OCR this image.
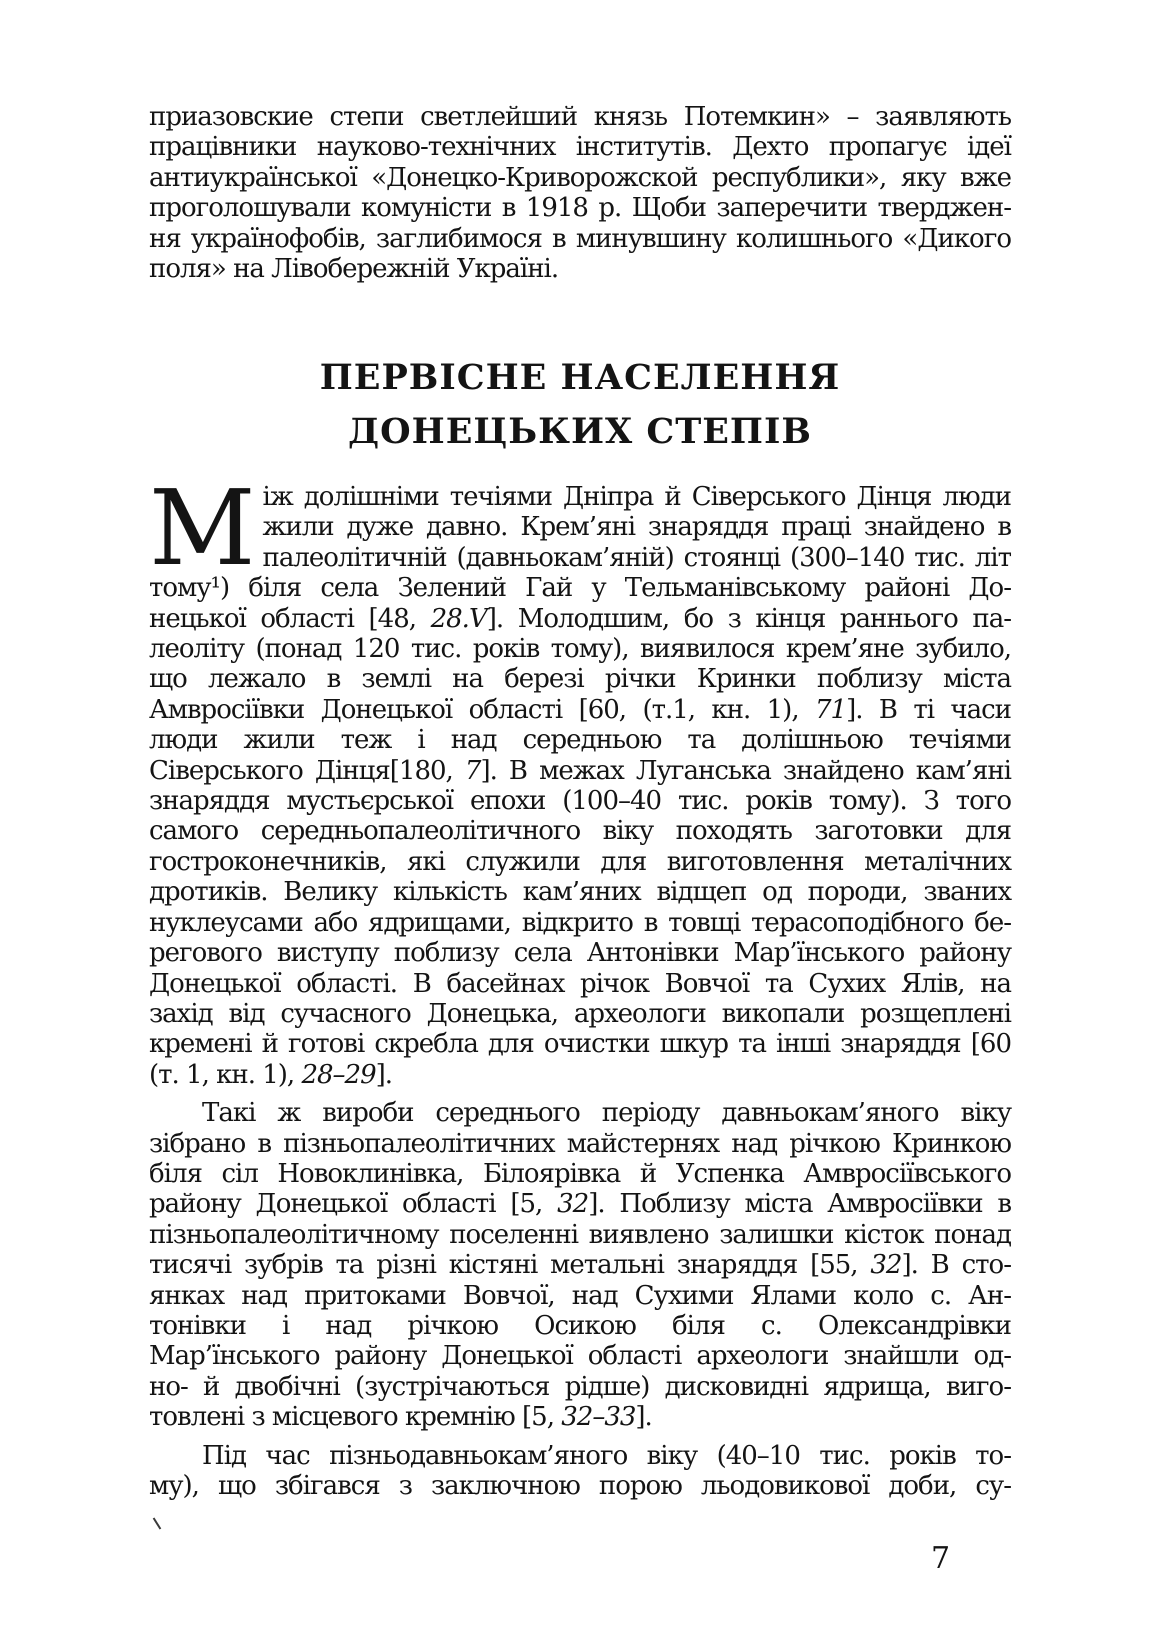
приазовские степи светлейший князь Потемкин» – заявляють
працівники науково-технічних інститутів. Дехто пропагує ідеї
антиукраїнської «Донецко-Криворожской республики», яку вже
проголошували комуністи в 1918 р. Щоби заперечити тверджен-
ня українофобів, заглибимося в минувшину колишнього «Дикого
поля» на Лівобережній Україні.
ПЕРВІСНЕ НАСЕЛЕННЯ
ДОНЕЦЬКИХ СТЕПІВ
М іж долішніми течіями Дніпра й Сіверського Дінця люди
жили дуже давно. Крем’яні знаряддя праці знайдено в
палеолітичній (давньокам’яній) стоянці (300–140 тис. літ
тому¹) біля села Зелений Гай у Тельманівському районі До-
нецької області [48, 28.V]. Молодшим, бо з кінця раннього па-
леоліту (понад 120 тис. років тому), виявилося крем’яне зубило,
що лежало в землі на березі річки Кринки поблизу міста
Амвросіївки Донецької області [60, (т.1, кн. 1), 71]. В ті часи
люди жили теж і над середньою та долішньою течіями
Сіверського Дінця[180, 7]. В межах Луганська знайдено кам’яні
знаряддя мустьєрської епохи (100–40 тис. років тому). З того
самого середньопалеолітичного віку походять заготовки для
гостроконечників, які служили для виготовлення металічних
дротиків. Велику кількість кам’яних відщеп од породи, званих
нуклеусами або ядрищами, відкрито в товщі терасоподібного бе-
регового виступу поблизу села Антонівки Мар’їнського району
Донецької області. В басейнах річок Вовчої та Сухих Ялів, на
захід від сучасного Донецька, археологи викопали розщеплені
кремені й готові скребла для очистки шкур та інші знаряддя [60
(т. 1, кн. 1), 28–29].
Такі ж вироби середнього періоду давньокам’яного віку
зібрано в пізньопалеолітичних майстернях над річкою Кринкою
біля сіл Новоклинівка, Білоярівка й Успенка Амвросіївського
району Донецької області [5, 32]. Поблизу міста Амвросіївки в
пізньопалеолітичному поселенні виявлено залишки кісток понад
тисячі зубрів та різні кістяні метальні знаряддя [55, 32]. В сто-
янках над притоками Вовчої, над Сухими Ялами коло с. Ан-
тонівки і над річкою Осикою біля с. Олександрівки
Мар’їнського району Донецької області археологи знайшли од-
но- й двобічні (зустрічаються рідше) дисковидні ядрища, виго-
товлені з місцевого кремнію [5, 32–33].
Під час пізньодавньокам’яного віку (40–10 тис. років то-
му), що збігався з заключною порою льодовикової доби, су-
7
